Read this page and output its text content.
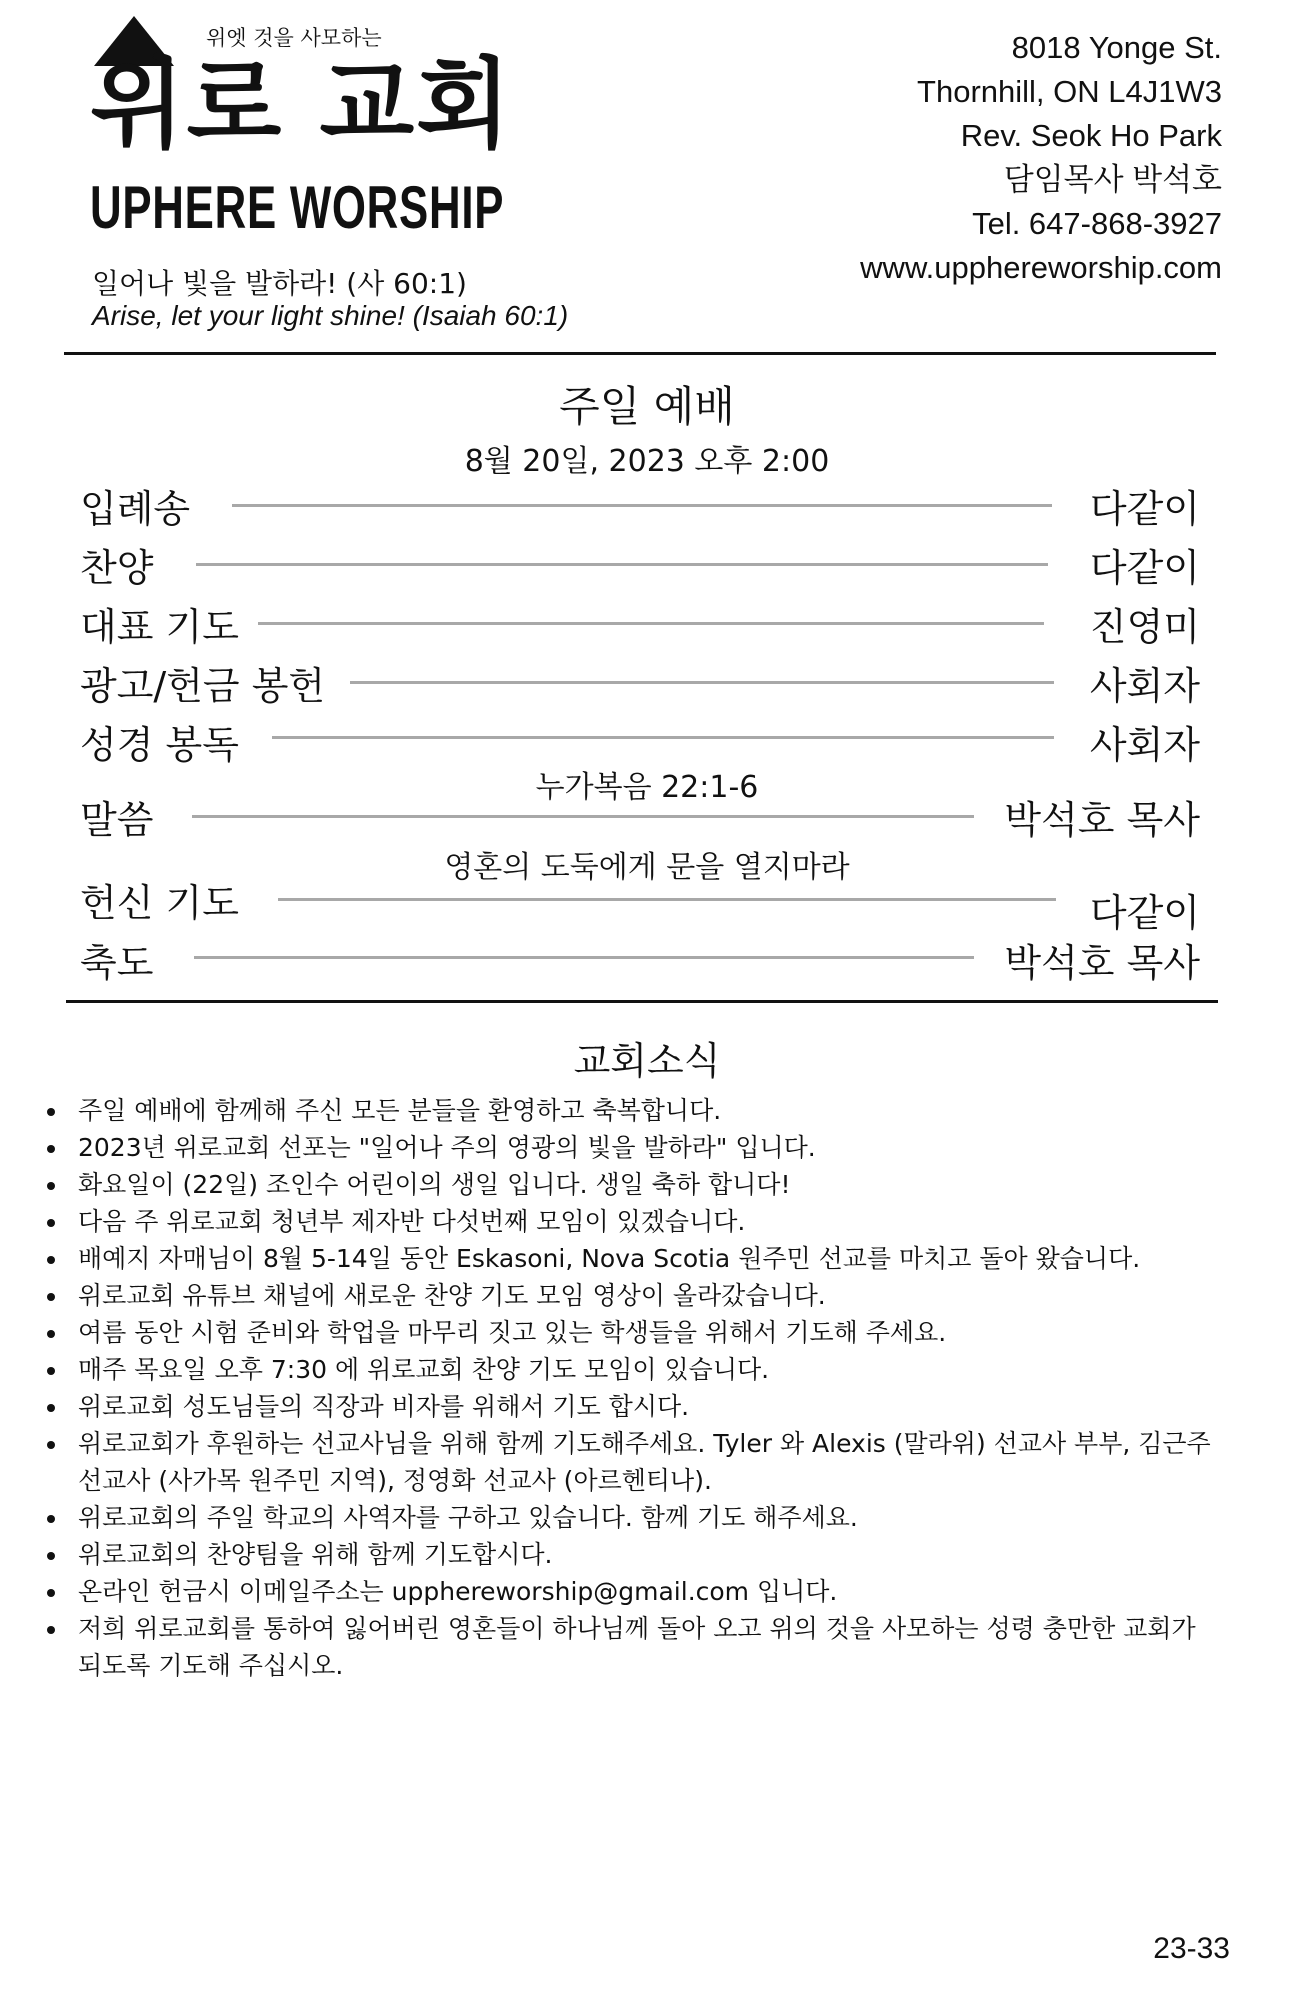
위엣 것을 사모하는
위로 교회
UPHERE WORSHIP
일어나 빛을 발하라! (사 60:1)
Arise, let your light shine! (Isaiah 60:1)
8018 Yonge St.
Thornhill, ON L4J1W3
Rev. Seok Ho Park
담임목사 박석호
Tel. 647-868-3927
www.upphereworship.com
주일 예배
8월 20일, 2023 오후 2:00
입례송	다같이
찬양	다같이
대표 기도	진영미
광고/헌금 봉헌	사회자
성경 봉독	사회자
누가복음 22:1-6
말씀	박석호 목사
영혼의 도둑에게 문을 열지마라
헌신 기도	다같이
축도	박석호 목사
교회소식
주일 예배에 함께해 주신 모든 분들을 환영하고 축복합니다.
2023년 위로교회 선포는 "일어나 주의 영광의 빛을 발하라" 입니다.
화요일이 (22일) 조인수 어린이의 생일 입니다. 생일 축하 합니다!
다음 주 위로교회 청년부 제자반 다섯번째 모임이 있겠습니다.
배예지 자매님이 8월 5-14일 동안 Eskasoni, Nova Scotia 원주민 선교를 마치고 돌아 왔습니다.
위로교회 유튜브 채널에 새로운 찬양 기도 모임 영상이 올라갔습니다.
여름 동안 시험 준비와 학업을 마무리 짓고 있는 학생들을 위해서 기도해 주세요.
매주 목요일 오후 7:30 에 위로교회 찬양 기도 모임이 있습니다.
위로교회 성도님들의 직장과 비자를 위해서 기도 합시다.
위로교회가 후원하는 선교사님을 위해 함께 기도해주세요. Tyler 와 Alexis (말라위) 선교사 부부, 김근주 선교사 (사가목 원주민 지역), 정영화 선교사 (아르헨티나).
위로교회의 주일 학교의 사역자를 구하고 있습니다. 함께 기도 해주세요.
위로교회의 찬양팀을 위해 함께 기도합시다.
온라인 헌금시 이메일주소는 upphereworship@gmail.com 입니다.
저희 위로교회를 통하여 잃어버린 영혼들이 하나님께 돌아 오고 위의 것을 사모하는 성령 충만한 교회가 되도록 기도해 주십시오.
23-33
